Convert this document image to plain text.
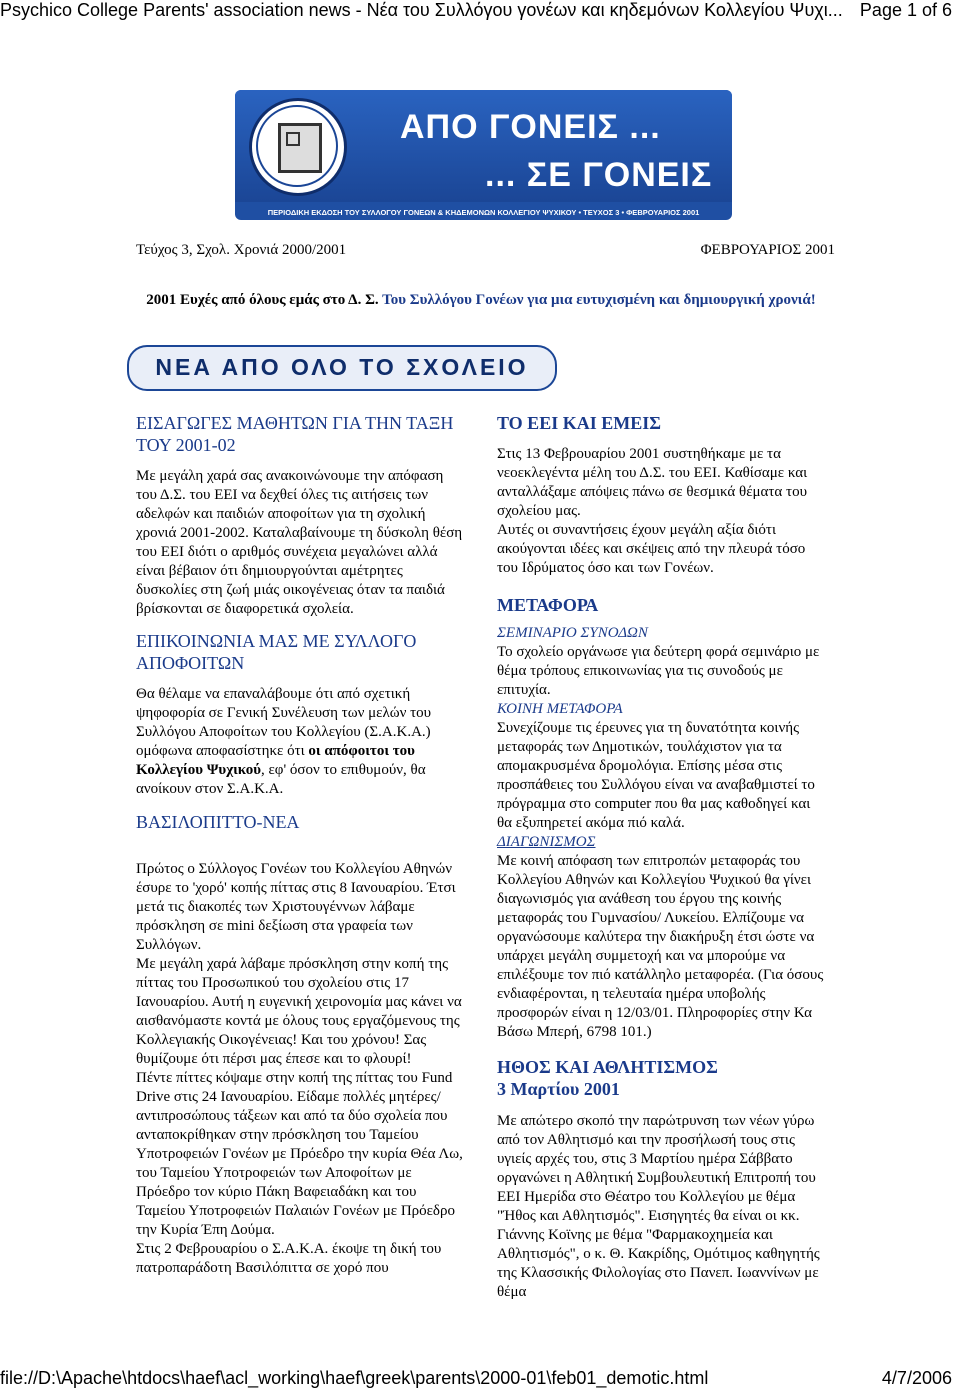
Psychico College Parents' association news - Νέα του Συλλόγου γονέων και κηδεμόνων Κολλεγίου Ψυχι... Page 1 of 6
ΑΠΟ ΓΟΝΕΙΣ ...
... ΣΕ ΓΟΝΕΙΣ
ΠΕΡΙΟΔΙΚΗ ΕΚΔΟΣΗ ΤΟΥ ΣΥΛΛΟΓΟΥ ΓΟΝΕΩΝ & ΚΗΔΕΜΟΝΩΝ ΚΟΛΛΕΓΙΟΥ ΨΥΧΙΚΟΥ • ΤΕΥΧΟΣ 3 • ΦΕΒΡΟΥΑΡΙΟΣ 2001
Τεύχος 3, Σχολ. Χρονιά 2000/2001	ΦΕΒΡΟΥΑΡΙΟΣ 2001
2001 Ευχές από όλους εμάς στο Δ. Σ. Του Συλλόγου Γονέων για μια ευτυχισμένη και δημιουργική χρονιά!
ΝΕΑ ΑΠΟ ΟΛΟ ΤΟ ΣΧΟΛΕΙΟ
ΕΙΣΑΓΩΓΕΣ ΜΑΘΗΤΩΝ ΓΙΑ ΤΗΝ ΤΑΞΗ ΤΟΥ 2001-02

Με μεγάλη χαρά σας ανακοινώνουμε την απόφαση του Δ.Σ. του ΕΕΙ να δεχθεί όλες τις αιτήσεις των αδελφών και παιδιών αποφοίτων για τη σχολική χρονιά 2001-2002. Καταλαβαίνουμε τη δύσκολη θέση του ΕΕΙ διότι ο αριθμός συνέχεια μεγαλώνει αλλά είναι βέβαιον ότι δημιουργούνται αμέτρητες δυσκολίες στη ζωή μιάς οικογένειας όταν τα παιδιά βρίσκονται σε διαφορετικά σχολεία.

ΕΠΙΚΟΙΝΩΝΙΑ ΜΑΣ ΜΕ ΣΥΛΛΟΓΟ ΑΠΟΦΟΙΤΩΝ

Θα θέλαμε να επαναλάβουμε ότι από σχετική ψηφοφορία σε Γενική Συνέλευση των μελών του Συλλόγου Αποφοίτων του Κολλεγίου (Σ.Α.Κ.Α.) ομόφωνα αποφασίστηκε ότι οι απόφοιτοι του Κολλεγίου Ψυχικού, εφ' όσον το επιθυμούν, θα ανοίκουν στον Σ.Α.Κ.Α.

ΒΑΣΙΛΟΠΙΤΤΟ-ΝΕΑ

Πρώτος ο Σύλλογος Γονέων του Κολλεγίου Αθηνών έσυρε το 'χορό' κοπής πίττας στις 8 Ιανουαρίου. Έτσι μετά τις διακοπές των Χριστουγέννων λάβαμε πρόσκληση σε mini δεξίωση στα γραφεία των Συλλόγων.

Με μεγάλη χαρά λάβαμε πρόσκληση στην κοπή της πίττας του Προσωπικού του σχολείου στις 17 Ιανουαρίου. Αυτή η ευγενική χειρονομία μας κάνει να αισθανόμαστε κοντά με όλους τους εργαζόμενους της Κολλεγιακής Οικογένειας! Και του χρόνου! Σας θυμίζουμε ότι πέρσι μας έπεσε και το φλουρί!

Πέντε πίττες κόψαμε στην κοπή της πίττας του Fund Drive στις 24 Ιανουαρίου. Είδαμε πολλές μητέρες/ αντιπροσώπους τάξεων και από τα δύο σχολεία που ανταποκρίθηκαν στην πρόσκληση του Ταμείου Υποτροφειών Γονέων με Πρόεδρο την κυρία Θέα Λω, του Ταμείου Υποτροφειών των Αποφοίτων με Πρόεδρο τον κύριο Πάκη Βαφειαδάκη και του Ταμείου Υποτροφειών Παλαιών Γονέων με Πρόεδρο την Κυρία Έπη Δούμα.

Στις 2 Φεβρουαρίου ο Σ.Α.Κ.Α. έκοψε τη δική του πατροπαράδοτη Βασιλόπιττα σε χορό που

ΤΟ ΕΕΙ ΚΑΙ ΕΜΕΙΣ

Στις 13 Φεβρουαρίου 2001 συστηθήκαμε με τα νεοεκλεγέντα μέλη του Δ.Σ. του ΕΕΙ. Καθίσαμε και ανταλλάξαμε απόψεις πάνω σε θεσμικά θέματα του σχολείου μας.

Αυτές οι συναντήσεις έχουν μεγάλη αξία διότι ακούγονται ιδέες και σκέψεις από την πλευρά τόσο του Ιδρύματος όσο και των Γονέων.

ΜΕΤΑΦΟΡΑ

ΣΕΜΙΝΑΡΙΟ ΣΥΝΟΔΩΝ

Το σχολείο οργάνωσε για δεύτερη φορά σεμινάριο με θέμα τρόπους επικοινωνίας για τις συνοδούς με επιτυχία.

ΚΟΙΝΗ ΜΕΤΑΦΟΡΑ

Συνεχίζουμε τις έρευνες για τη δυνατότητα κοινής μεταφοράς των Δημοτικών, τουλάχιστον για τα απομακρυσμένα δρομολόγια. Επίσης μέσα στις προσπάθειες του Συλλόγου είναι να αναβαθμιστεί το πρόγραμμα στο computer που θα μας καθοδηγεί και θα εξυπηρετεί ακόμα πιό καλά.

ΔΙΑΓΩΝΙΣΜΟΣ

Με κοινή απόφαση των επιτροπών μεταφοράς του Κολλεγίου Αθηνών και Κολλεγίου Ψυχικού θα γίνει διαγωνισμός για ανάθεση του έργου της κοινής μεταφοράς του Γυμνασίου/ Λυκείου. Ελπίζουμε να οργανώσουμε καλύτερα την διακήρυξη έτσι ώστε να υπάρχει μεγάλη συμμετοχή και να μπορούμε να επιλέξουμε τον πιό κατάλληλο μεταφορέα. (Για όσους ενδιαφέρονται, η τελευταία ημέρα υποβολής προσφορών είναι η 12/03/01. Πληροφορίες στην Κα Βάσω Μπερή, 6798 101.)

ΗΘΟΣ ΚΑΙ ΑΘΛΗΤΙΣΜΟΣ
3 Μαρτίου 2001

Με απώτερο σκοπό την παρώτρυνση των νέων γύρω από τον Αθλητισμό και την προσήλωσή τους στις υγιείς αρχές του, στις 3 Μαρτίου ημέρα Σάββατο οργανώνει η Αθλητική Συμβουλευτική Επιτροπή του ΕΕΙ Ημερίδα στο Θέατρο του Κολλεγίου με θέμα "Ήθος και Αθλητισμός". Εισηγητές θα είναι οι κκ. Γιάννης Κοϊνης με θέμα "Φαρμακοχημεία και Αθλητισμός", ο κ. Θ. Κακρίδης, Ομότιμος καθηγητής της Κλασσικής Φιλολογίας στο Πανεπ. Ιωαννίνων με θέμα

file://D:\Apache\htdocs\haef\acl_working\haef\greek\parents\2000-01\feb01_demotic.html	4/7/2006
